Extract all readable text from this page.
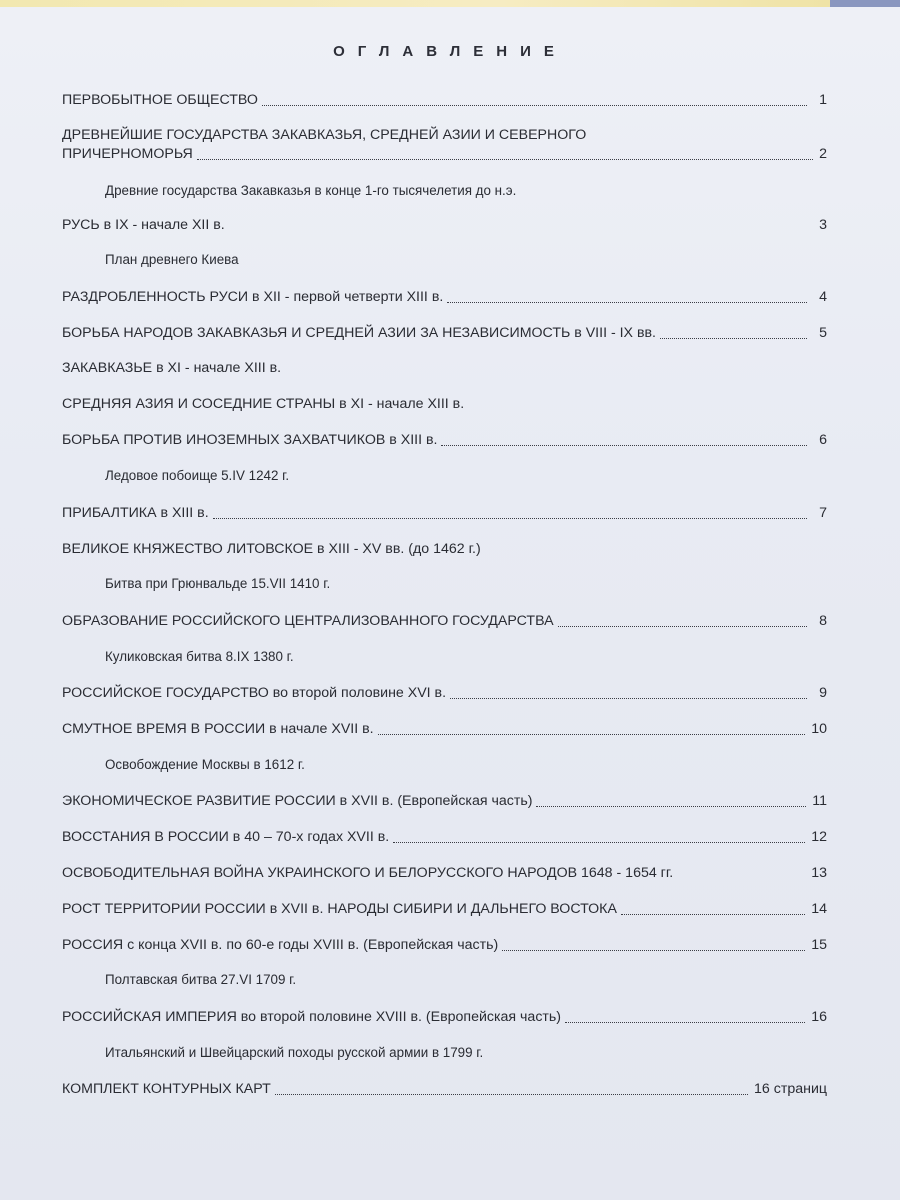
ОГЛАВЛЕНИЕ
ПЕРВОБЫТНОЕ ОБЩЕСТВО	1
ДРЕВНЕЙШИЕ ГОСУДАРСТВА ЗАКАВКАЗЬЯ, СРЕДНЕЙ АЗИИ И СЕВЕРНОГО
ПРИЧЕРНОМОРЬЯ	2
Древние государства Закавказья в конце 1-го тысячелетия до н.э.
РУСЬ в IX - начале XII в.	3
План древнего Киева
РАЗДРОБЛЕННОСТЬ РУСИ в XII - первой четверти XIII в.	4
БОРЬБА НАРОДОВ ЗАКАВКАЗЬЯ И СРЕДНЕЙ АЗИИ ЗА НЕЗАВИСИМОСТЬ в VIII - IX вв.	5
ЗАКАВКАЗЬЕ в XI - начале XIII в.
СРЕДНЯЯ АЗИЯ И СОСЕДНИЕ СТРАНЫ в XI - начале XIII в.
БОРЬБА ПРОТИВ ИНОЗЕМНЫХ ЗАХВАТЧИКОВ в XIII в.	6
Ледовое побоище 5.IV 1242 г.
ПРИБАЛТИКА в XIII в.	7
ВЕЛИКОЕ КНЯЖЕСТВО ЛИТОВСКОЕ в XIII - XV вв. (до 1462 г.)
Битва при Грюнвальде 15.VII 1410 г.
ОБРАЗОВАНИЕ РОССИЙСКОГО ЦЕНТРАЛИЗОВАННОГО ГОСУДАРСТВА	8
Куликовская битва 8.IX 1380 г.
РОССИЙСКОЕ ГОСУДАРСТВО во второй половине XVI в.	9
СМУТНОЕ ВРЕМЯ В РОССИИ в начале XVII в.	10
Освобождение Москвы в 1612 г.
ЭКОНОМИЧЕСКОЕ РАЗВИТИЕ РОССИИ в XVII в. (Европейская часть)	11
ВОССТАНИЯ В РОССИИ в 40 – 70-х годах XVII в.	12
ОСВОБОДИТЕЛЬНАЯ ВОЙНА УКРАИНСКОГО И БЕЛОРУССКОГО НАРОДОВ 1648 - 1654 гг.	13
РОСТ ТЕРРИТОРИИ РОССИИ в XVII в. НАРОДЫ СИБИРИ И ДАЛЬНЕГО ВОСТОКА	14
РОССИЯ с конца XVII в. по 60-е годы XVIII в. (Европейская часть)	15
Полтавская битва 27.VI 1709 г.
РОССИЙСКАЯ ИМПЕРИЯ во второй половине XVIII в. (Европейская часть)	16
Итальянский и Швейцарский походы русской армии в 1799 г.
КОМПЛЕКТ КОНТУРНЫХ КАРТ	16 страниц
